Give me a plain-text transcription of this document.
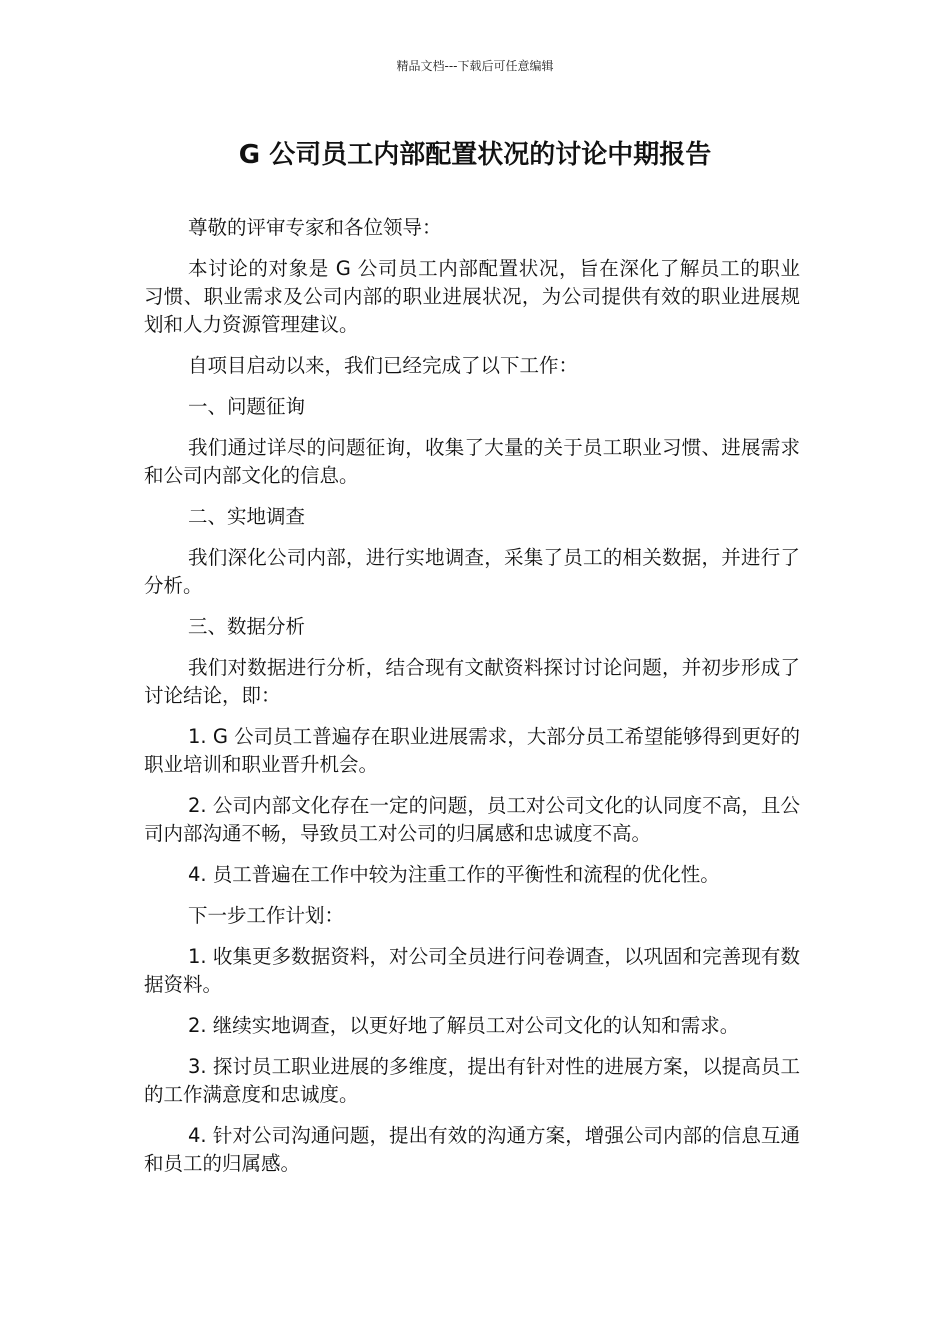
精品文档---下载后可任意编辑
G 公司员工内部配置状况的讨论中期报告

尊敬的评审专家和各位领导：

本讨论的对象是 G 公司员工内部配置状况，旨在深化了解员工的职业习惯、职业需求及公司内部的职业进展状况，为公司提供有效的职业进展规划和人力资源管理建议。

自项目启动以来，我们已经完成了以下工作：

一、问题征询

我们通过详尽的问题征询，收集了大量的关于员工职业习惯、进展需求和公司内部文化的信息。

二、实地调查

我们深化公司内部，进行实地调查，采集了员工的相关数据，并进行了分析。

三、数据分析

我们对数据进行分析，结合现有文献资料探讨讨论问题，并初步形成了讨论结论，即：

1. G 公司员工普遍存在职业进展需求，大部分员工希望能够得到更好的职业培训和职业晋升机会。

2. 公司内部文化存在一定的问题，员工对公司文化的认同度不高，且公司内部沟通不畅，导致员工对公司的归属感和忠诚度不高。

4. 员工普遍在工作中较为注重工作的平衡性和流程的优化性。

下一步工作计划：

1. 收集更多数据资料，对公司全员进行问卷调查，以巩固和完善现有数据资料。

2. 继续实地调查，以更好地了解员工对公司文化的认知和需求。

3. 探讨员工职业进展的多维度，提出有针对性的进展方案，以提高员工的工作满意度和忠诚度。

4. 针对公司沟通问题，提出有效的沟通方案，增强公司内部的信息互通和员工的归属感。
